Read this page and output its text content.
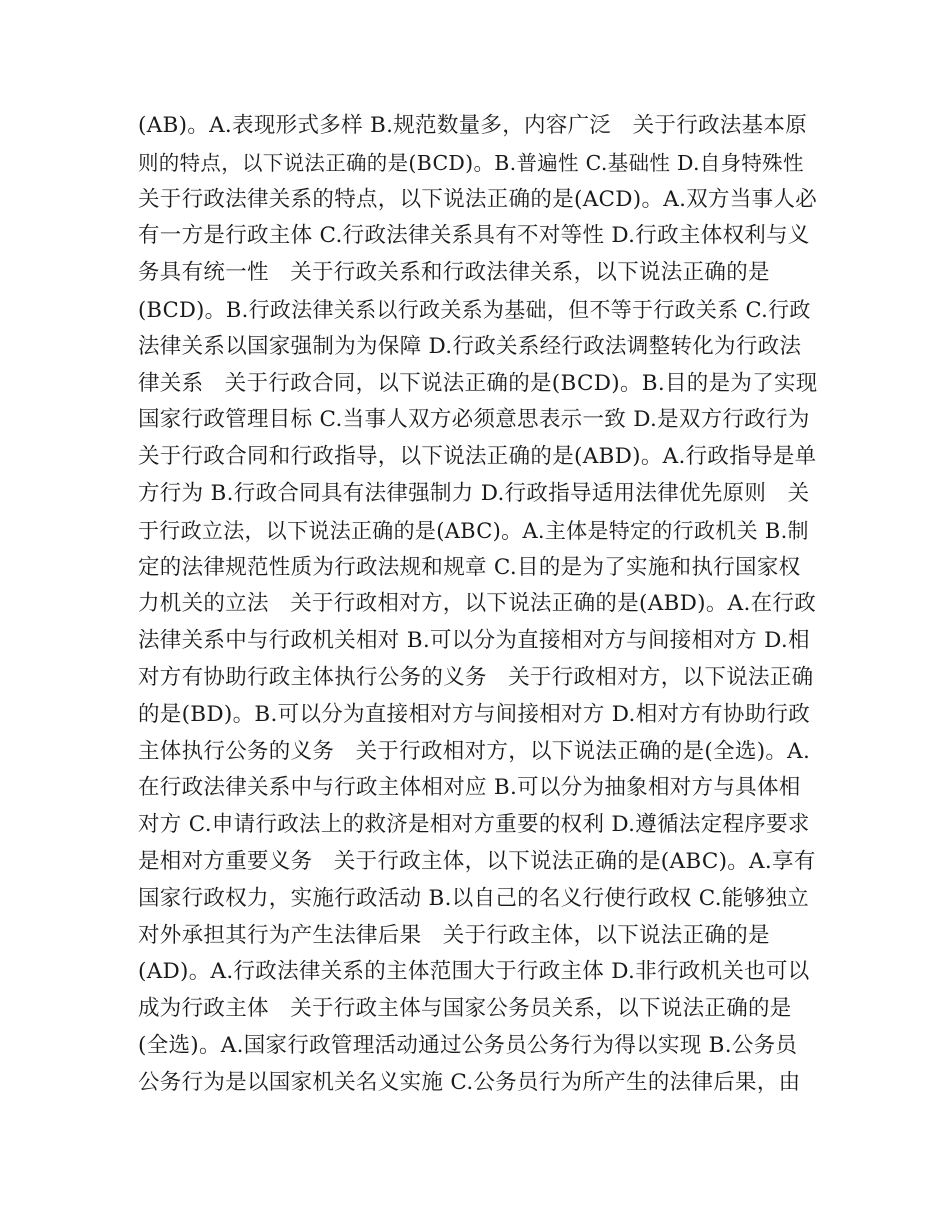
(AB)。A.表现形式多样 B.规范数量多，内容广泛   关于行政法基本原
则的特点，以下说法正确的是(BCD)。B.普遍性 C.基础性 D.自身特殊性
关于行政法律关系的特点，以下说法正确的是(ACD)。A.双方当事人必
有一方是行政主体 C.行政法律关系具有不对等性 D.行政主体权利与义
务具有统一性   关于行政关系和行政法律关系，以下说法正确的是
(BCD)。B.行政法律关系以行政关系为基础，但不等于行政关系 C.行政
法律关系以国家强制为为保障 D.行政关系经行政法调整转化为行政法
律关系   关于行政合同，以下说法正确的是(BCD)。B.目的是为了实现
国家行政管理目标 C.当事人双方必须意思表示一致 D.是双方行政行为
关于行政合同和行政指导，以下说法正确的是(ABD)。A.行政指导是单
方行为 B.行政合同具有法律强制力 D.行政指导适用法律优先原则   关
于行政立法，以下说法正确的是(ABC)。A.主体是特定的行政机关 B.制
定的法律规范性质为行政法规和规章 C.目的是为了实施和执行国家权
力机关的立法   关于行政相对方，以下说法正确的是(ABD)。A.在行政
法律关系中与行政机关相对 B.可以分为直接相对方与间接相对方 D.相
对方有协助行政主体执行公务的义务   关于行政相对方，以下说法正确
的是(BD)。B.可以分为直接相对方与间接相对方 D.相对方有协助行政
主体执行公务的义务   关于行政相对方，以下说法正确的是(全选)。A.
在行政法律关系中与行政主体相对应 B.可以分为抽象相对方与具体相
对方 C.申请行政法上的救济是相对方重要的权利 D.遵循法定程序要求
是相对方重要义务   关于行政主体，以下说法正确的是(ABC)。A.享有
国家行政权力，实施行政活动 B.以自己的名义行使行政权 C.能够独立
对外承担其行为产生法律后果   关于行政主体，以下说法正确的是
(AD)。A.行政法律关系的主体范围大于行政主体 D.非行政机关也可以
成为行政主体   关于行政主体与国家公务员关系，以下说法正确的是
(全选)。A.国家行政管理活动通过公务员公务行为得以实现 B.公务员
公务行为是以国家机关名义实施 C.公务员行为所产生的法律后果，由
